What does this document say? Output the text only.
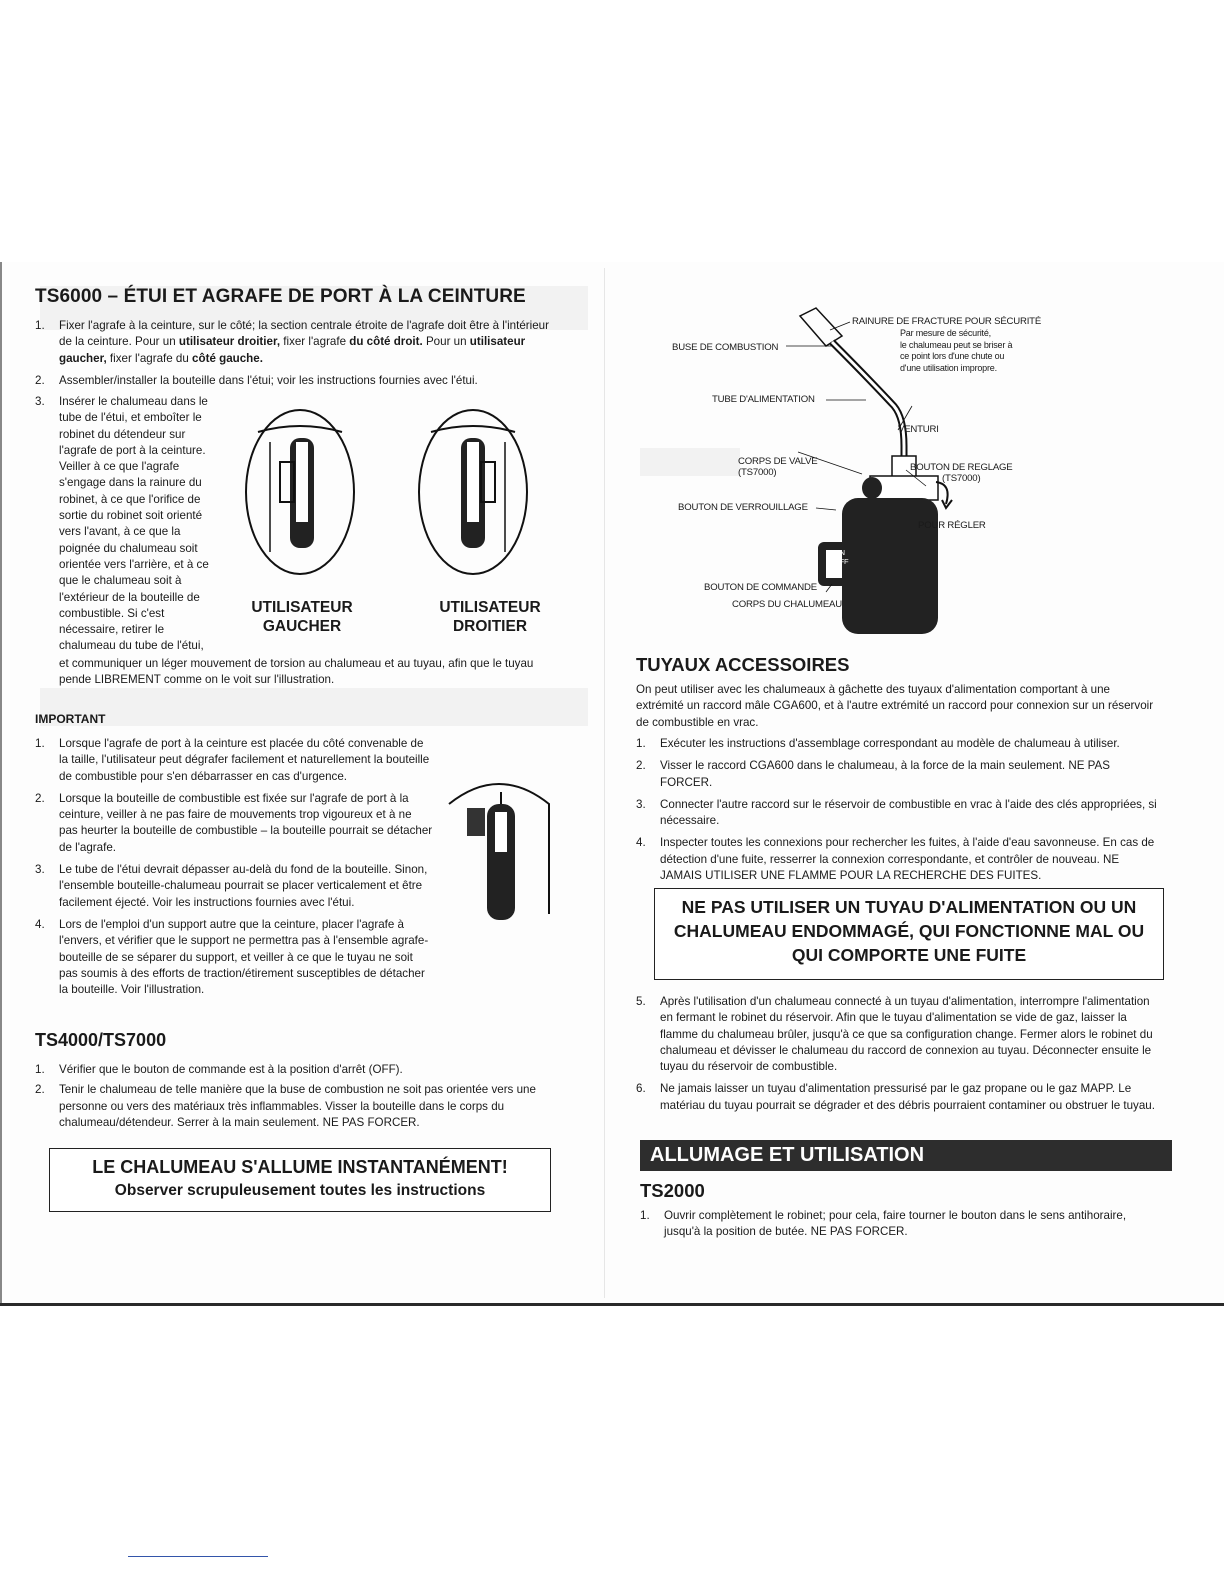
TS6000 – ÉTUI ET AGRAFE DE PORT À LA CEINTURE
1. Fixer l'agrafe à la ceinture, sur le côté; la section centrale étroite de l'agrafe doit être à l'intérieur de la ceinture. Pour un utilisateur droitier, fixer l'agrafe du côté droit. Pour un utilisateur gaucher, fixer l'agrafe du côté gauche.
2. Assembler/installer la bouteille dans l'étui; voir les instructions fournies avec l'étui.
3. Insérer le chalumeau dans le tube de l'étui, et emboîter le robinet du détendeur sur l'agrafe de port à la ceinture. Veiller à ce que l'agrafe s'engage dans la rainure du robinet, à ce que l'orifice de sortie du robinet soit orienté vers l'avant, à ce que la poignée du chalumeau soit orientée vers l'arrière, et à ce que le chalumeau soit à l'extérieur de la bouteille de combustible. Si c'est nécessaire, retirer le chalumeau du tube de l'étui,
et communiquer un léger mouvement de torsion au chalumeau et au tuyau, afin que le tuyau pende LIBREMENT comme on le voit sur l'illustration.
UTILISATEUR
GAUCHER
UTILISATEUR
DROITIER
IMPORTANT
1. Lorsque l'agrafe de port à la ceinture est placée du côté convenable de la taille, l'utilisateur peut dégrafer facilement et naturellement la bouteille de combustible pour s'en débarrasser en cas d'urgence.
2. Lorsque la bouteille de combustible est fixée sur l'agrafe de port à la ceinture, veiller à ne pas faire de mouvements trop vigoureux et à ne pas heurter la bouteille de combustible – la bouteille pourrait se détacher de l'agrafe.
3. Le tube de l'étui devrait dépasser au-delà du fond de la bouteille. Sinon, l'ensemble bouteille-chalumeau pourrait se placer verticalement et être facilement éjecté. Voir les instructions fournies avec l'étui.
4. Lors de l'emploi d'un support autre que la ceinture, placer l'agrafe à l'envers, et vérifier que le support ne permettra pas à l'ensemble agrafe-bouteille de se séparer du support, et veiller à ce que le tuyau ne soit pas soumis à des efforts de traction/étirement susceptibles de détacher la bouteille. Voir l'illustration.
TS4000/TS7000
1. Vérifier que le bouton de commande est à la position d'arrêt (OFF).
2. Tenir le chalumeau de telle manière que la buse de combustion ne soit pas orientée vers une personne ou vers des matériaux très inflammables. Visser la bouteille dans le corps du chalumeau/détendeur. Serrer à la main seulement. NE PAS FORCER.
LE CHALUMEAU S'ALLUME INSTANTANÉMENT!
Observer scrupuleusement toutes les instructions
RAINURE DE FRACTURE POUR SÉCURITÉ
Par mesure de sécurité,
le chalumeau peut se briser à
ce point lors d'une chute ou
d'une utilisation impropre.
BUSE DE COMBUSTION
TUBE D'ALIMENTATION
VENTURI
CORPS DE VALVE
(TS7000)	BOUTON DE REGLAGE
(TS7000)
BOUTON DE VERROUILLAGE
POUR RÉGLER
ON
OFF
BOUTON DE COMMANDE
CORPS DU CHALUMEAU
TUYAUX ACCESSOIRES
On peut utiliser avec les chalumeaux à gâchette des tuyaux d'alimentation comportant à une extrémité un raccord mâle CGA600, et à l'autre extrémité un raccord pour connexion sur un réservoir de combustible en vrac.
1. Exécuter les instructions d'assemblage correspondant au modèle de chalumeau à utiliser.
2. Visser le raccord CGA600 dans le chalumeau, à la force de la main seulement. NE PAS FORCER.
3. Connecter l'autre raccord sur le réservoir de combustible en vrac à l'aide des clés appropriées, si nécessaire.
4. Inspecter toutes les connexions pour rechercher les fuites, à l'aide d'eau savonneuse. En cas de détection d'une fuite, resserrer la connexion correspondante, et contrôler de nouveau. NE JAMAIS UTILISER UNE FLAMME POUR LA RECHERCHE DES FUITES.
NE PAS UTILISER UN TUYAU D'ALIMENTATION OU UN CHALUMEAU ENDOMMAGÉ, QUI FONCTIONNE MAL OU QUI COMPORTE UNE FUITE
5. Après l'utilisation d'un chalumeau connecté à un tuyau d'alimentation, interrompre l'alimentation en fermant le robinet du réservoir. Afin que le tuyau d'alimentation se vide de gaz, laisser la flamme du chalumeau brûler, jusqu'à ce que sa configuration change. Fermer alors le robinet du chalumeau et dévisser le chalumeau du raccord de connexion au tuyau. Déconnecter ensuite le tuyau du réservoir de combustible.
6. Ne jamais laisser un tuyau d'alimentation pressurisé par le gaz propane ou le gaz MAPP. Le matériau du tuyau pourrait se dégrader et des débris pourraient contaminer ou obstruer le tuyau.
ALLUMAGE ET UTILISATION
TS2000
1. Ouvrir complètement le robinet; pour cela, faire tourner le bouton dans le sens antihoraire, jusqu'à la position de butée. NE PAS FORCER.
